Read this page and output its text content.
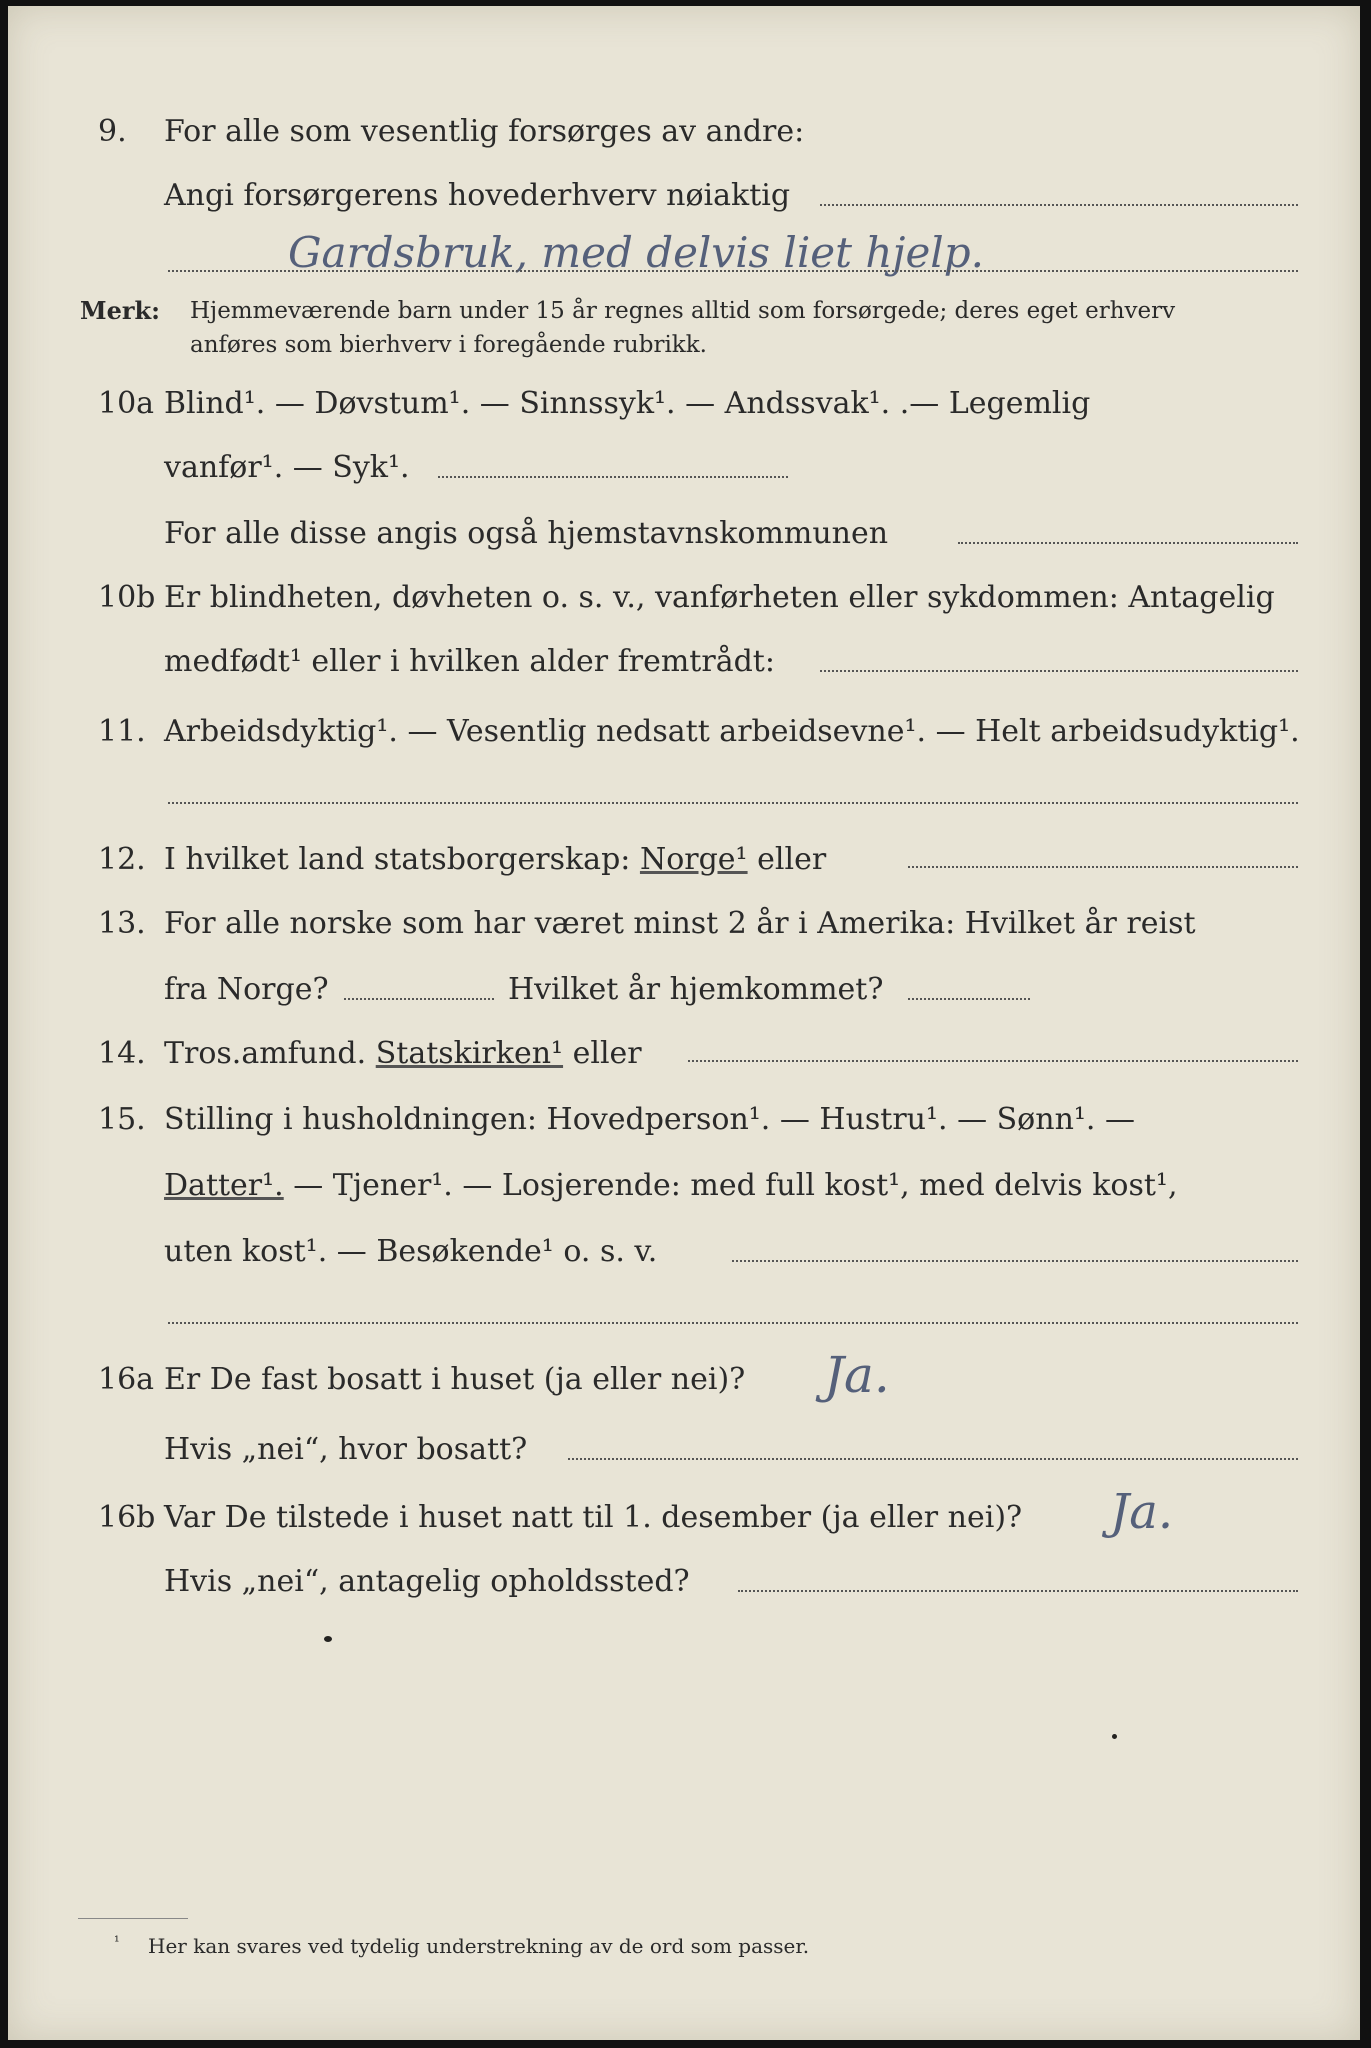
9. For alle som vesentlig forsørges av andre:
Angi forsørgerens hovederhverv nøiaktig
Gardsbruk, med delvis liet hjelp.
Merk: Hjemmeværende barn under 15 år regnes alltid som forsørgede; deres eget erhverv
anføres som bierhverv i foregående rubrikk.
10a Blind¹. — Døvstum¹. — Sinnssyk¹. — Andssvak¹. .— Legemlig
vanfør¹. — Syk¹.
For alle disse angis også hjemstavnskommunen
10b Er blindheten, døvheten o. s. v., vanførheten eller sykdommen: Antagelig
medfødt¹ eller i hvilken alder fremtrådt:
11. Arbeidsdyktig¹. — Vesentlig nedsatt arbeidsevne¹. — Helt arbeidsudyktig¹.
12. I hvilket land statsborgerskap: Norge¹ eller
13. For alle norske som har været minst 2 år i Amerika: Hvilket år reist
fra Norge?	Hvilket år hjemkommet?
14. Tros.amfund. Statskirken¹ eller
15. Stilling i husholdningen: Hovedperson¹. — Hustru¹. — Sønn¹. —
Datter¹. — Tjener¹. — Losjerende: med full kost¹, med delvis kost¹,
uten kost¹. — Besøkende¹ o. s. v.
16a Er De fast bosatt i huset (ja eller nei)? Ja.
Hvis „nei“, hvor bosatt?
16b Var De tilstede i huset natt til 1. desember (ja eller nei)? Ja.
Hvis „nei“, antagelig opholdssted?
¹ Her kan svares ved tydelig understrekning av de ord som passer.
